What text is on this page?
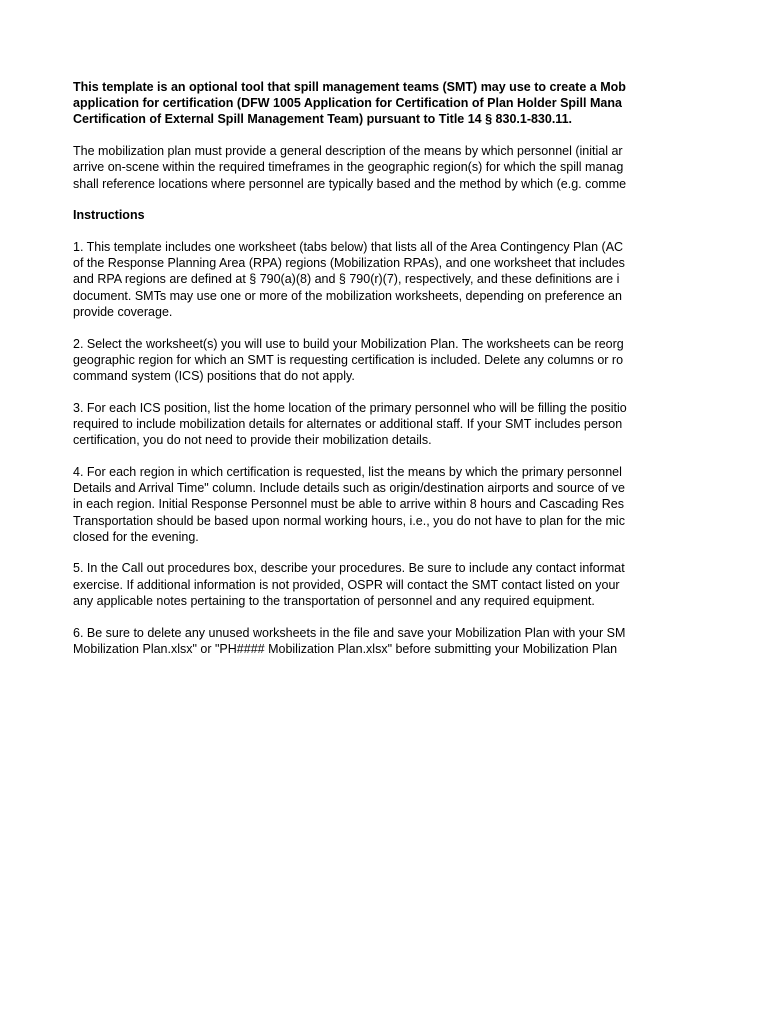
This template is an optional tool that spill management teams (SMT) may use to create a Mob
application for certification (DFW 1005 Application for Certification of Plan Holder Spill Mana
Certification of External Spill Management Team) pursuant to Title 14 § 830.1-830.11.
The mobilization plan must provide a general description of the means by which personnel (initial ar
arrive on-scene within the required timeframes in the geographic region(s) for which the spill manag
shall reference locations where personnel are typically based and the method by which (e.g. comme
Instructions
1. This template includes one worksheet (tabs below) that lists all of the Area Contingency Plan (AC
of the Response Planning Area (RPA) regions (Mobilization RPAs), and one worksheet that includes
and RPA regions are defined at § 790(a)(8) and § 790(r)(7), respectively, and these definitions are i
document. SMTs may use one or more of the mobilization worksheets, depending on preference an
provide coverage.
2. Select the worksheet(s) you will use to build your Mobilization Plan. The worksheets can be reorg
geographic region for which an SMT is requesting certification is included. Delete any columns or ro
command system (ICS) positions that do not apply.
3. For each ICS position, list the home location of the primary personnel who will be filling the positio
required to include mobilization details for alternates or additional staff. If your SMT includes person
certification, you do not need to provide their mobilization details.
4. For each region in which certification is requested, list the means by which the primary personnel
Details and Arrival Time" column. Include details such as origin/destination airports and source of ve
in each region. Initial Response Personnel must be able to arrive within 8 hours and Cascading Res
Transportation should be based upon normal working hours, i.e., you do not have to plan for the mic
closed for the evening.
5. In the Call out procedures box, describe your procedures. Be sure to include any contact informat
exercise. If additional information is not provided, OSPR will contact the SMT contact listed on your
any applicable notes pertaining to the transportation of personnel and any required equipment.
6. Be sure to delete any unused worksheets in the file and save your Mobilization Plan with your SM
Mobilization Plan.xlsx" or "PH#### Mobilization Plan.xlsx" before submitting your Mobilization Plan
